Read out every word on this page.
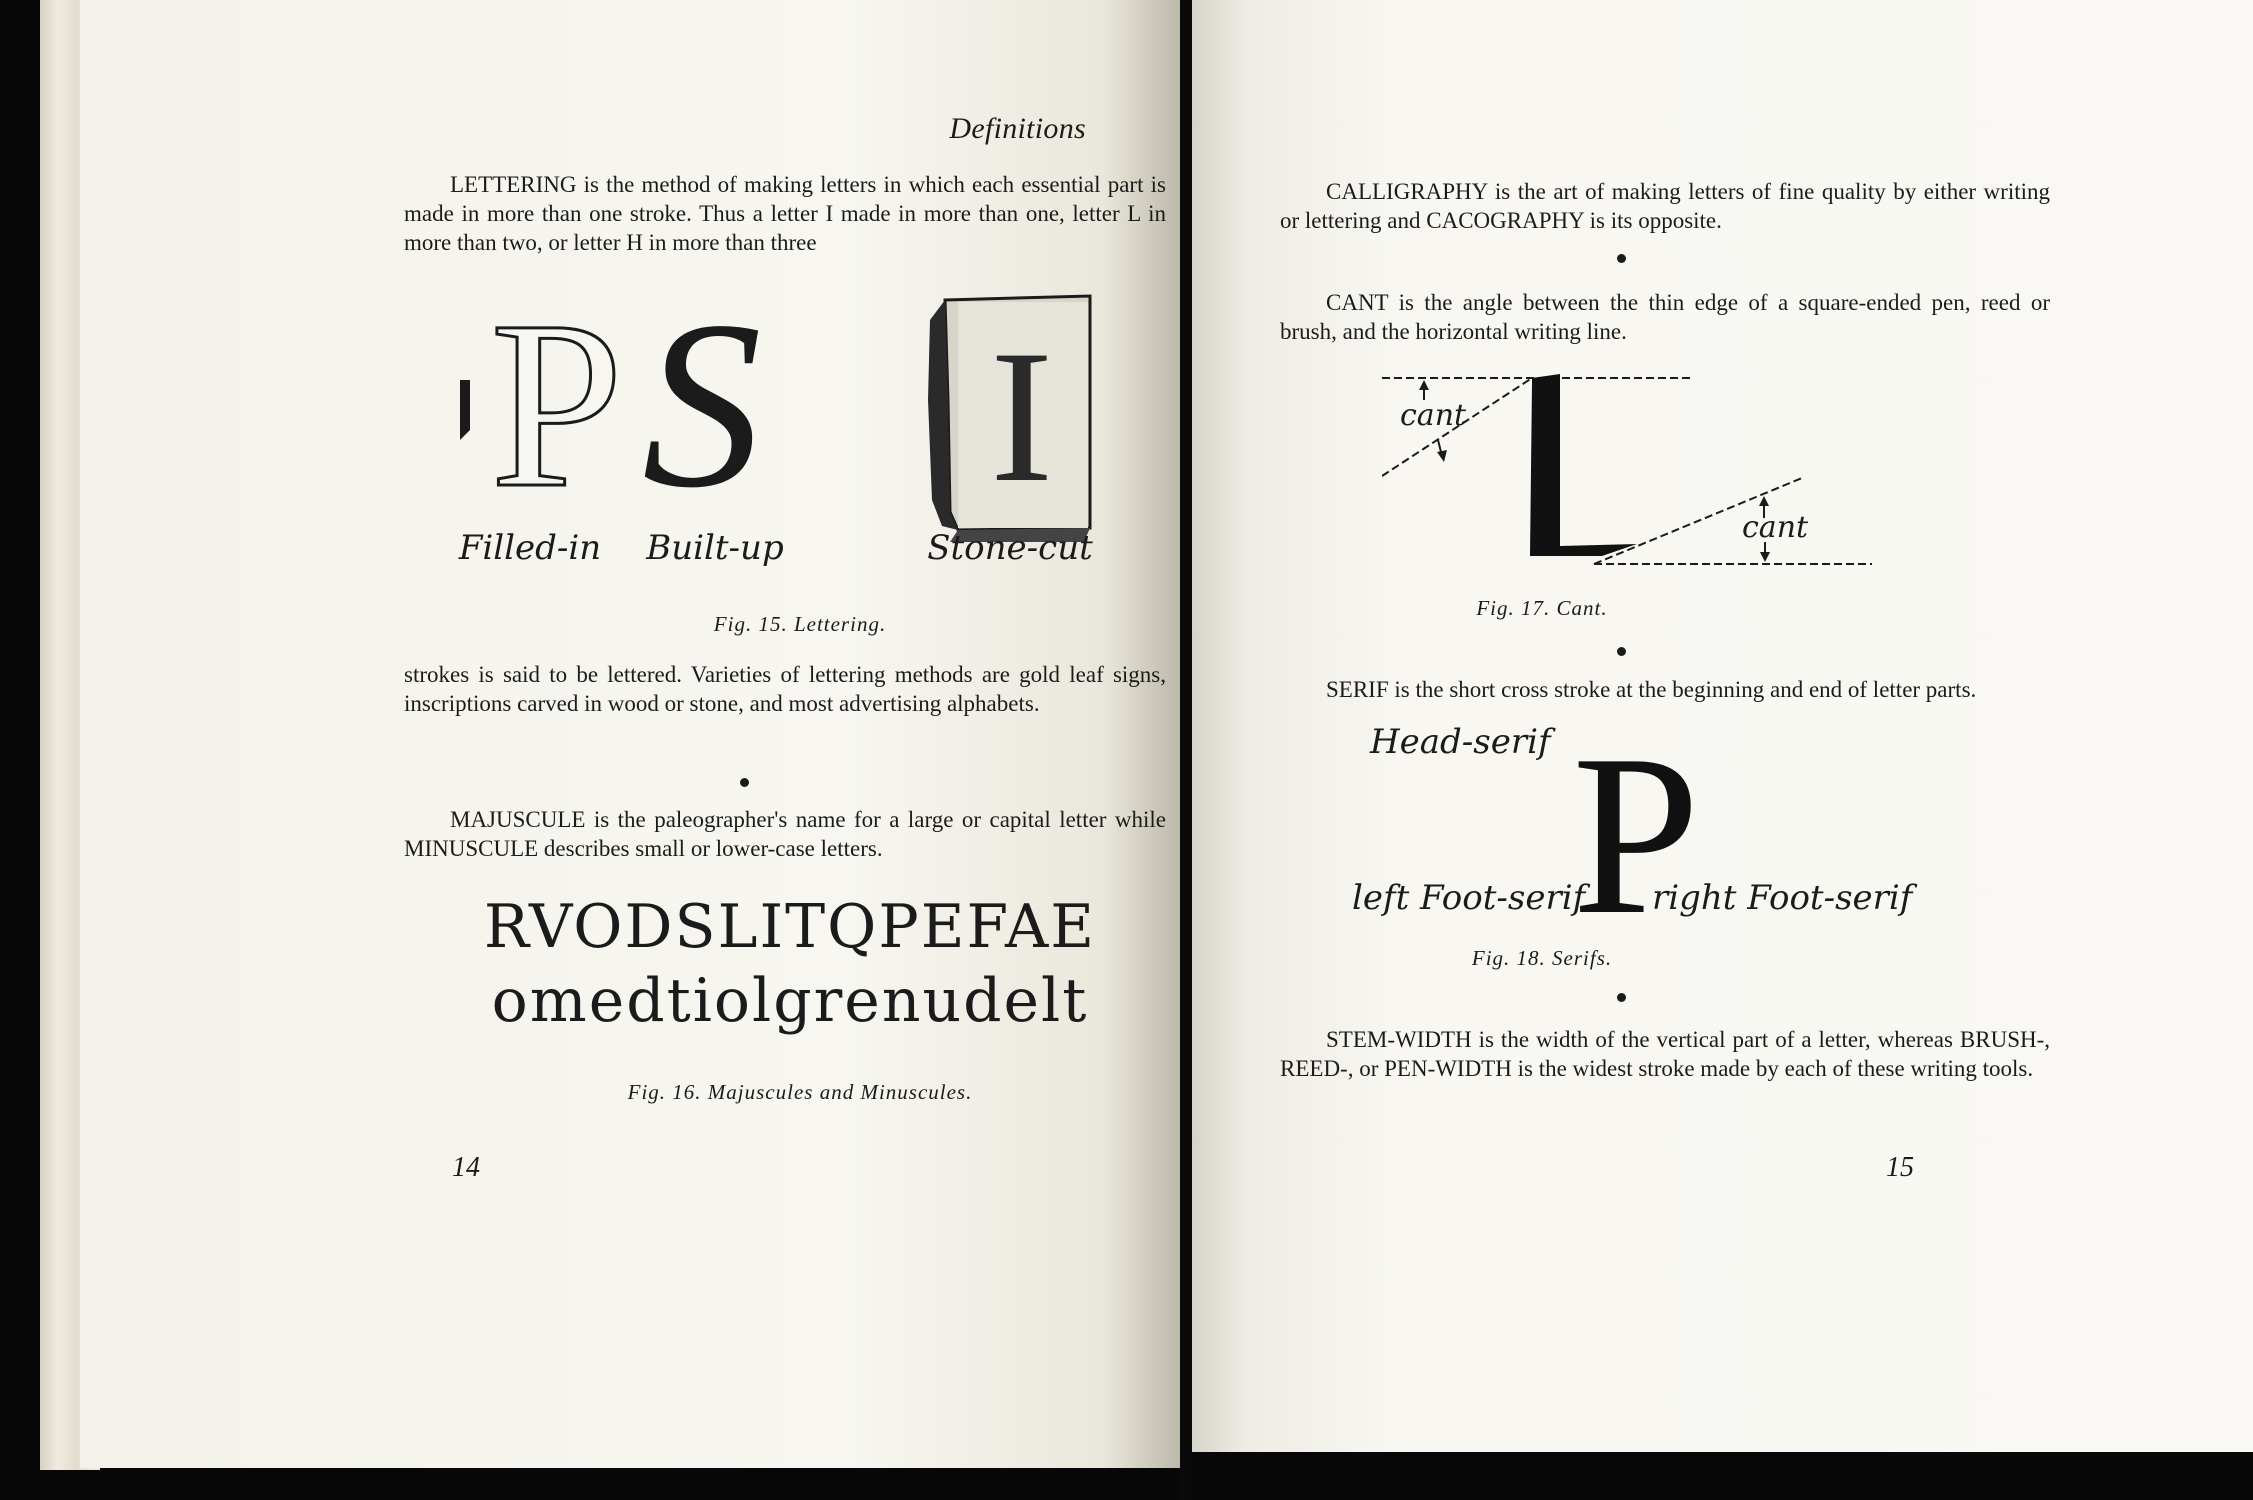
Definitions
LETTERING is the method of making letters in which each essential part is made in more than one stroke. Thus a letter I made in more than one, letter L in more than two, or letter H in more than three
P S I
Filled-in	Built-up	Stone-cut
Fig. 15. Lettering.
strokes is said to be lettered. Varieties of lettering methods are gold leaf signs, inscriptions carved in wood or stone, and most advertising alphabets.
MAJUSCULE is the paleographer's name for a large or capital letter while MINUSCULE describes small or lower-case letters.
RVODSLITQPEFAE
omedtiolgrenudelt
Fig. 16. Majuscules and Minuscules.
14
CALLIGRAPHY is the art of making letters of fine quality by either writing or lettering and CACOGRAPHY is its opposite.
CANT is the angle between the thin edge of a square-ended pen, reed or brush, and the horizontal writing line.
cant
cant
Fig. 17. Cant.
SERIF is the short cross stroke at the beginning and end of letter parts.
P
Head-serif
left Foot-serif right Foot-serif
Fig. 18. Serifs.
STEM-WIDTH is the width of the vertical part of a letter, whereas BRUSH-, REED-, or PEN-WIDTH is the widest stroke made by each of these writing tools.
15
